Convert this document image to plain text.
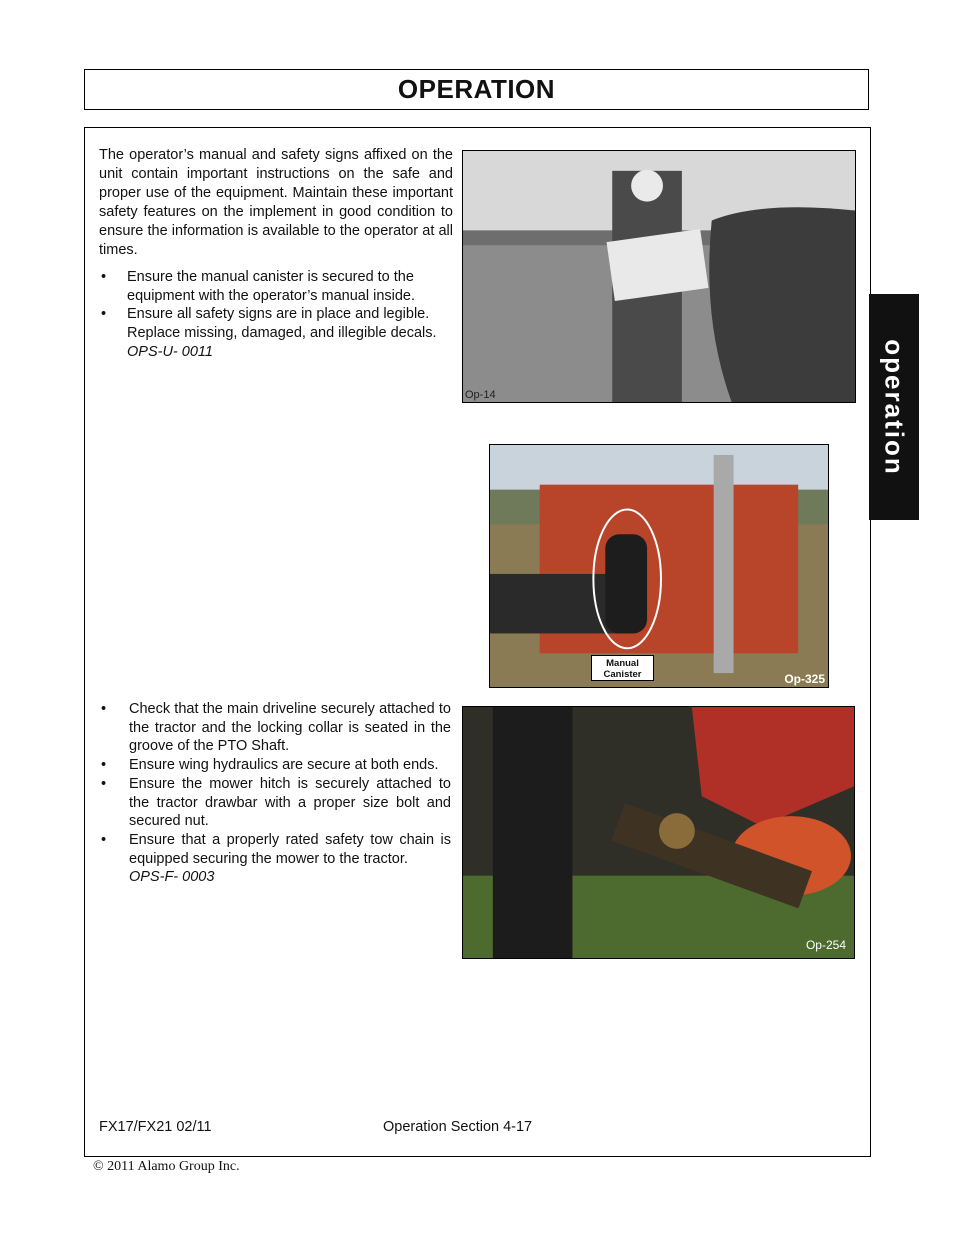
OPERATION
operation

The operator’s manual and safety signs affixed on the unit contain important instructions on the safe and proper use of the equipment. Maintain these important safety features on the implement in good condition to ensure the information is available to the operator at all times.

• Ensure the manual canister is secured to the equipment with the operator’s manual inside.
• Ensure all safety signs are in place and legible. Replace missing, damaged, and illegible decals.  OPS-U- 0011
Op-14
Manual
Canister	Op-325
• Check that the main driveline securely attached to the tractor and the locking collar is seated in the groove of the PTO Shaft.
• Ensure wing hydraulics are secure at both ends.
• Ensure the mower hitch is securely attached to the tractor drawbar with a proper size bolt and secured nut.
• Ensure that a properly rated safety tow chain is equipped securing the mower to the tractor.
OPS-F- 0003
Op-254
FX17/FX21 02/11	Operation Section 4-17
© 2011 Alamo Group Inc.
